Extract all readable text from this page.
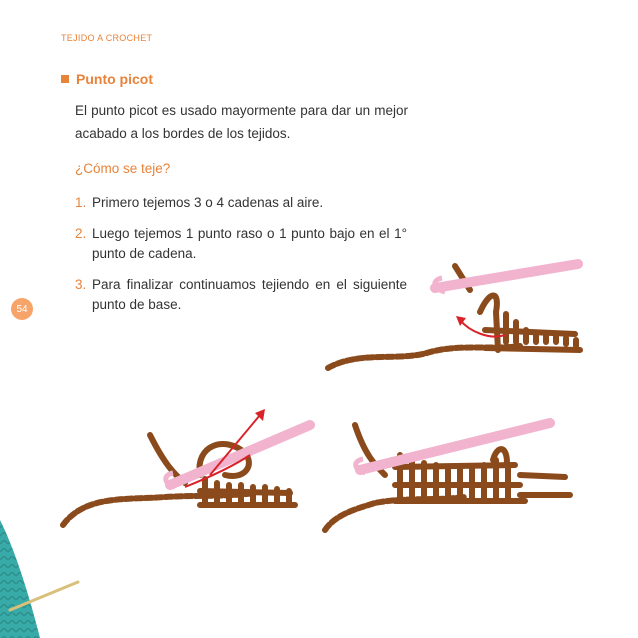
TEJIDO A CROCHET
Punto picot

El punto picot es usado mayormente para dar un mejor acabado a los bordes de los tejidos.

¿Cómo se teje?
1. Primero tejemos 3 o 4 cadenas al aire.
2. Luego tejemos 1 punto raso o 1 punto bajo en el 1° punto de cadena.
3. Para finalizar continuamos tejiendo en el siguiente punto de base.
54
